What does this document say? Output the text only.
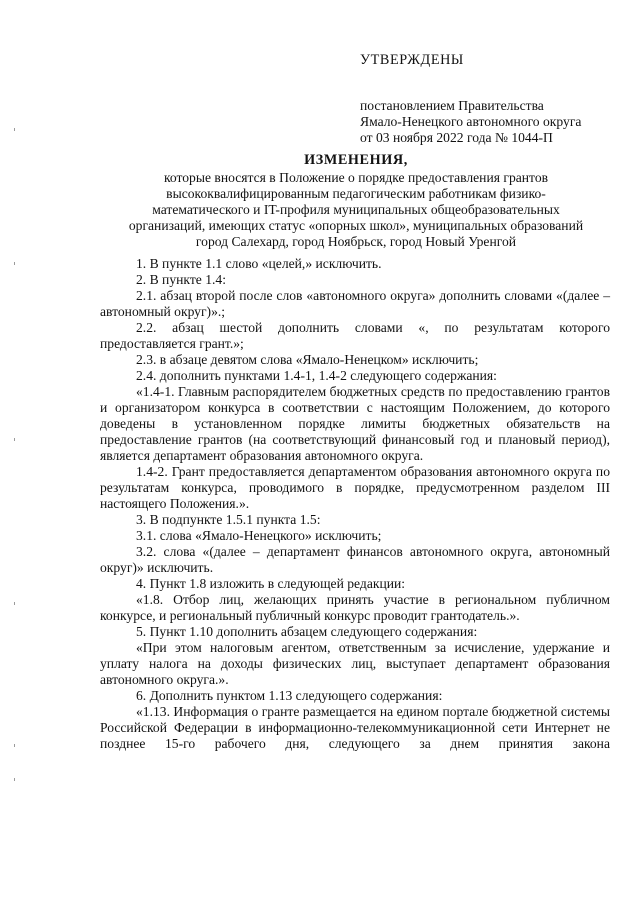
УТВЕРЖДЕНЫ
постановлением Правительства
Ямало-Ненецкого автономного округа
от 03 ноября 2022 года № 1044-П
ИЗМЕНЕНИЯ,
которые вносятся в Положение о порядке предоставления грантов
высококвалифицированным педагогическим работникам физико-
математического и IT-профиля муниципальных общеобразовательных
организаций, имеющих статус «опорных школ», муниципальных образований
город Салехард, город Ноябрьск, город Новый Уренгой

1. В пункте 1.1 слово «целей,» исключить.

2. В пункте 1.4:

2.1. абзац второй после слов «автономного округа» дополнить словами «(далее – автономный округ)».;

2.2. абзац шестой дополнить словами «, по результатам которого предоставляется грант.»;

2.3. в абзаце девятом слова «Ямало-Ненецком» исключить;

2.4. дополнить пунктами 1.4-1, 1.4-2 следующего содержания:

«1.4-1. Главным распорядителем бюджетных средств по предоставлению грантов и организатором конкурса в соответствии с настоящим Положением, до которого доведены в установленном порядке лимиты бюджетных обязательств на предоставление грантов (на соответствующий финансовый год и плановый период), является департамент образования автономного округа.

1.4-2. Грант предоставляется департаментом образования автономного округа по результатам конкурса, проводимого в порядке, предусмотренном разделом III настоящего Положения.».

3. В подпункте 1.5.1 пункта 1.5:

3.1. слова «Ямало-Ненецкого» исключить;

3.2. слова «(далее – департамент финансов автономного округа, автономный округ)» исключить.

4. Пункт 1.8 изложить в следующей редакции:

«1.8. Отбор лиц, желающих принять участие в региональном публичном конкурсе, и региональный публичный конкурс проводит грантодатель.».

5. Пункт 1.10 дополнить абзацем следующего содержания:

«При этом налоговым агентом, ответственным за исчисление, удержание и уплату налога на доходы физических лиц, выступает департамент образования автономного округа.».

6. Дополнить пунктом 1.13 следующего содержания:

«1.13. Информация о гранте размещается на едином портале бюджетной системы Российской Федерации в информационно-телекоммуникационной сети Интернет не позднее 15-го рабочего дня, следующего за днем принятия закона
